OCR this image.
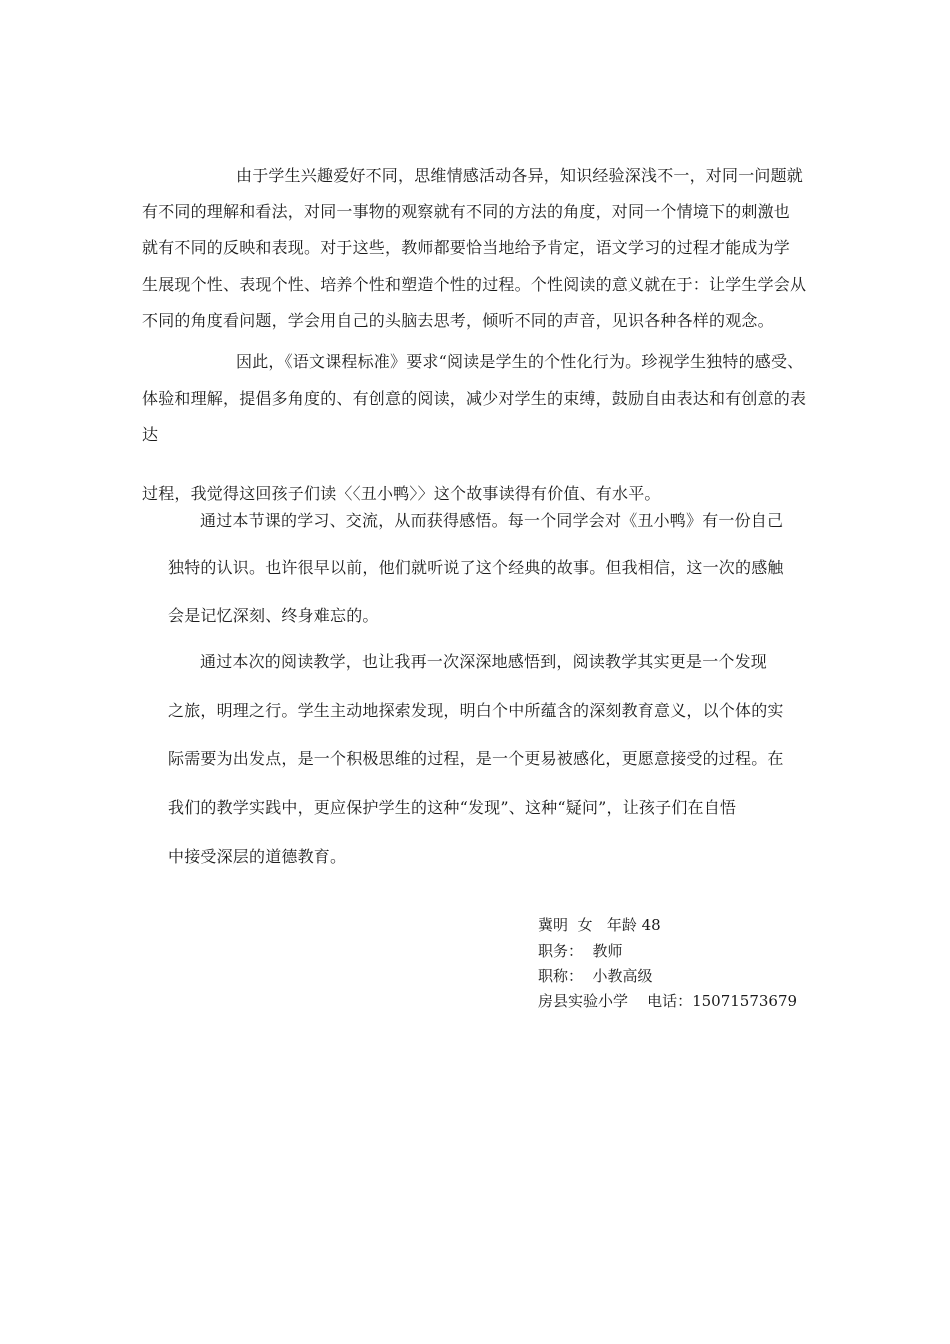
由于学生兴趣爱好不同，思维情感活动各异，知识经验深浅不一，对同一问题就
有不同的理解和看法，对同一事物的观察就有不同的方法的角度，对同一个情境下的刺激也
就有不同的反映和表现。对于这些，教师都要恰当地给予肯定，语文学习的过程才能成为学
生展现个性、表现个性、培养个性和塑造个性的过程。个性阅读的意义就在于：让学生学会从
不同的角度看问题，学会用自己的头脑去思考，倾听不同的声音，见识各种各样的观念。
因此，《语文课程标准》要求“阅读是学生的个性化行为。珍视学生独特的感受、
体验和理解，提倡多角度的、有创意的阅读，减少对学生的束缚，鼓励自由表达和有创意的表
达
过程，我觉得这回孩子们读〈〈丑小鸭〉〉这个故事读得有价值、有水平。
通过本节课的学习、交流，从而获得感悟。每一个同学会对《丑小鸭》有一份自己
独特的认识。也许很早以前，他们就听说了这个经典的故事。但我相信，这一次的感触
会是记忆深刻、终身难忘的。
通过本次的阅读教学，也让我再一次深深地感悟到，阅读教学其实更是一个发现
之旅，明理之行。学生主动地探索发现，明白个中所蕴含的深刻教育意义，以个体的实
际需要为出发点，是一个积极思维的过程，是一个更易被感化，更愿意接受的过程。在
我们的教学实践中，更应保护学生的这种“发现”、这种“疑问”，让孩子们在自悟
中接受深层的道德教育。
冀明  女   年龄 48
职务：  教师
职称：  小教高级
房县实验小学    电话：15071573679
